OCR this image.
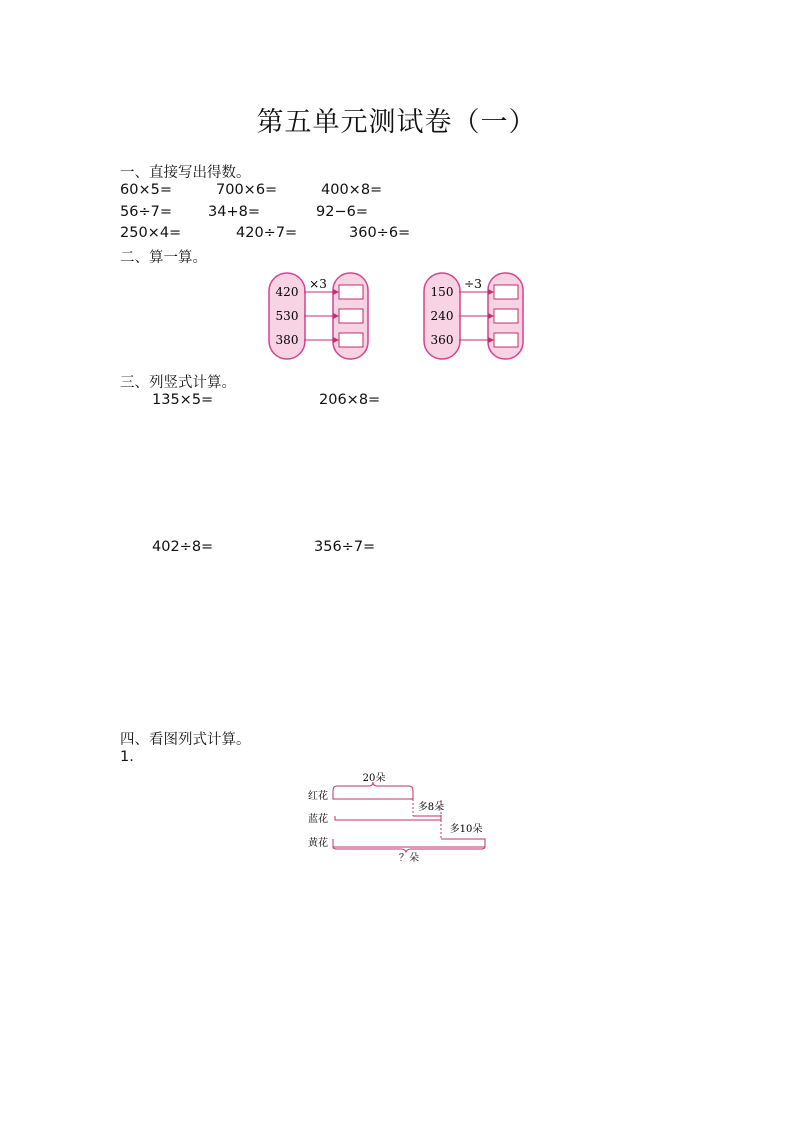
第五单元测试卷（一）
一、直接写出得数。
60×5=	700×6=	400×8=
56÷7= 34+8=	92−6=
250×4=	420÷7=	360÷6=
二、算一算。
420
530
380
×3
150
240
360
÷3
三、列竖式计算。
135×5=	206×8=
402÷8=	356÷7=
四、看图列式计算。
1.
红花
蓝花
黄花
20朵
多8朵
多10朵
？朵
